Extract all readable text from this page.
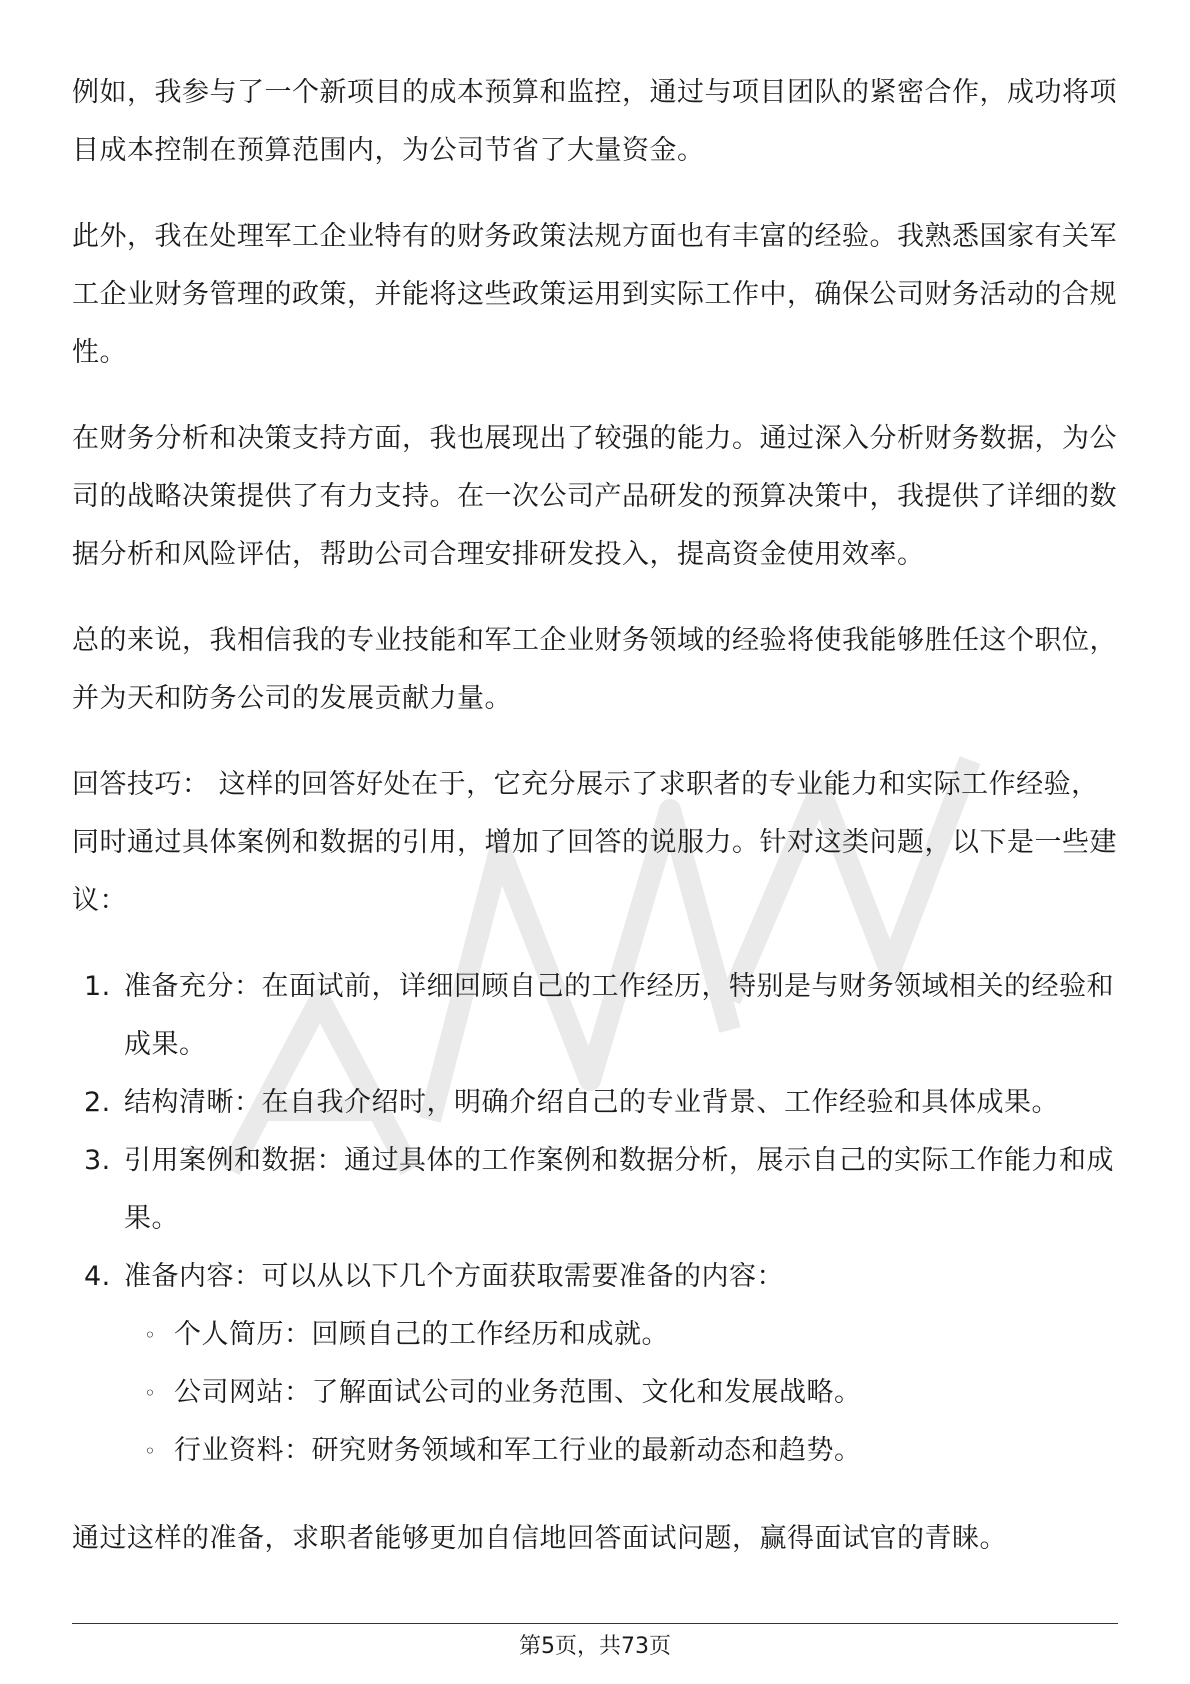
例如，我参与了一个新项目的成本预算和监控，通过与项目团队的紧密合作，成功将项目成本控制在预算范围内，为公司节省了大量资金。

此外，我在处理军工企业特有的财务政策法规方面也有丰富的经验。我熟悉国家有关军工企业财务管理的政策，并能将这些政策运用到实际工作中，确保公司财务活动的合规性。

在财务分析和决策支持方面，我也展现出了较强的能力。通过深入分析财务数据，为公司的战略决策提供了有力支持。在一次公司产品研发的预算决策中，我提供了详细的数据分析和风险评估，帮助公司合理安排研发投入，提高资金使用效率。

总的来说，我相信我的专业技能和军工企业财务领域的经验将使我能够胜任这个职位，并为天和防务公司的发展贡献力量。

回答技巧： 这样的回答好处在于，它充分展示了求职者的专业能力和实际工作经验，同时通过具体案例和数据的引用，增加了回答的说服力。针对这类问题，以下是一些建议：

1. 准备充分：在面试前，详细回顾自己的工作经历，特别是与财务领域相关的经验和成果。
2. 结构清晰：在自我介绍时，明确介绍自己的专业背景、工作经验和具体成果。
3. 引用案例和数据：通过具体的工作案例和数据分析，展示自己的实际工作能力和成果。
4. 准备内容：可以从以下几个方面获取需要准备的内容：
◦ 个人简历：回顾自己的工作经历和成就。
◦ 公司网站：了解面试公司的业务范围、文化和发展战略。
◦ 行业资料：研究财务领域和军工行业的最新动态和趋势。

通过这样的准备，求职者能够更加自信地回答面试问题，赢得面试官的青睐。

第5页，共73页
